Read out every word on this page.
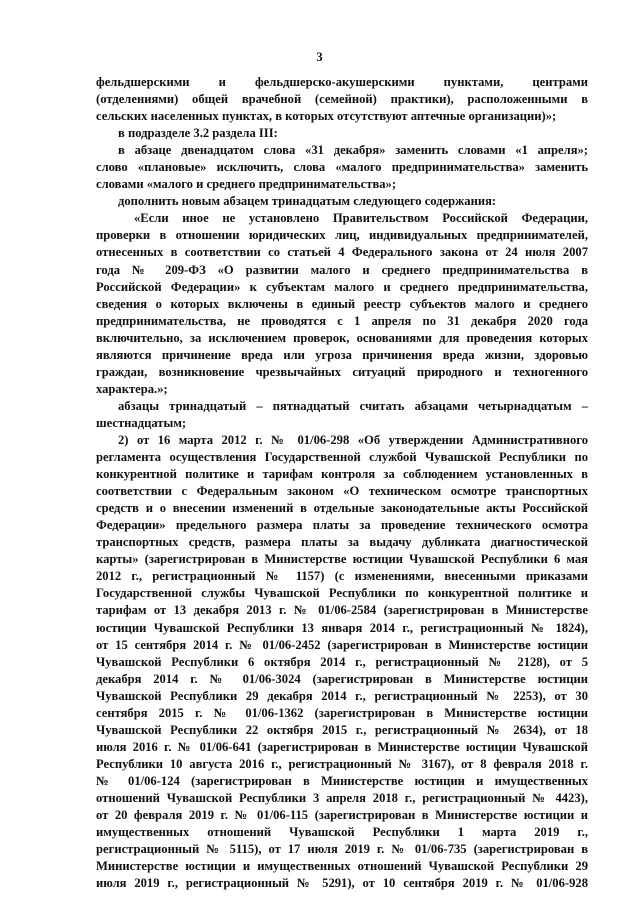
3
фельдшерскими и фельдшерско-акушерскими пунктами, центрами
(отделениями) общей врачебной (семейной) практики), расположенными в
сельских населенных пунктах, в которых отсутствуют аптечные организации)»;
в подразделе 3.2 раздела III:
в абзаце двенадцатом слова «31 декабря» заменить словами «1 апреля»;
слово «плановые» исключить, слова «малого предпринимательства» заменить
словами «малого и среднего предпринимательства»;
дополнить новым абзацем тринадцатым следующего содержания:
«Если иное не установлено Правительством Российской Федерации,
проверки в отношении юридических лиц, индивидуальных предпринимателей,
отнесенных в соответствии со статьей 4 Федерального закона от 24 июля 2007
года № 209-ФЗ «О развитии малого и среднего предпринимательства в
Российской Федерации» к субъектам малого и среднего предпринимательства,
сведения о которых включены в единый реестр субъектов малого и среднего
предпринимательства, не проводятся с 1 апреля по 31 декабря 2020 года
включительно, за исключением проверок, основаниями для проведения которых
являются причинение вреда или угроза причинения вреда жизни, здоровью
граждан, возникновение чрезвычайных ситуаций природного и техногенного
характера.»;
абзацы тринадцатый – пятнадцатый считать абзацами четырнадцатым –
шестнадцатым;
2) от 16 марта 2012 г. № 01/06-298 «Об утверждении Административного
регламента осуществления Государственной службой Чувашской Республики по
конкурентной политике и тарифам контроля за соблюдением установленных в
соответствии с Федеральным законом «О техническом осмотре транспортных
средств и о внесении изменений в отдельные законодательные акты Российской
Федерации» предельного размера платы за проведение технического осмотра
транспортных средств, размера платы за выдачу дубликата диагностической
карты» (зарегистрирован в Министерстве юстиции Чувашской Республики 6 мая
2012 г., регистрационный № 1157) (с изменениями, внесенными приказами
Государственной службы Чувашской Республики по конкурентной политике и
тарифам от 13 декабря 2013 г. № 01/06-2584 (зарегистрирован в Министерстве
юстиции Чувашской Республики 13 января 2014 г., регистрационный № 1824),
от 15 сентября 2014 г. № 01/06-2452 (зарегистрирован в Министерстве юстиции
Чувашской Республики 6 октября 2014 г., регистрационный № 2128), от 5
декабря 2014 г. № 01/06-3024 (зарегистрирован в Министерстве юстиции
Чувашской Республики 29 декабря 2014 г., регистрационный № 2253), от 30
сентября 2015 г. № 01/06-1362 (зарегистрирован в Министерстве юстиции
Чувашской Республики 22 октября 2015 г., регистрационный № 2634), от 18
июля 2016 г. № 01/06-641 (зарегистрирован в Министерстве юстиции Чувашской
Республики 10 августа 2016 г., регистрационный № 3167), от 8 февраля 2018 г.
№ 01/06-124 (зарегистрирован в Министерстве юстиции и имущественных
отношений Чувашской Республики 3 апреля 2018 г., регистрационный № 4423),
от 20 февраля 2019 г. № 01/06-115 (зарегистрирован в Министерстве юстиции и
имущественных отношений Чувашской Республики 1 марта 2019 г.,
регистрационный № 5115), от 17 июля 2019 г. № 01/06-735 (зарегистрирован в
Министерстве юстиции и имущественных отношений Чувашской Республики 29
июля 2019 г., регистрационный № 5291), от 10 сентября 2019 г. № 01/06-928
